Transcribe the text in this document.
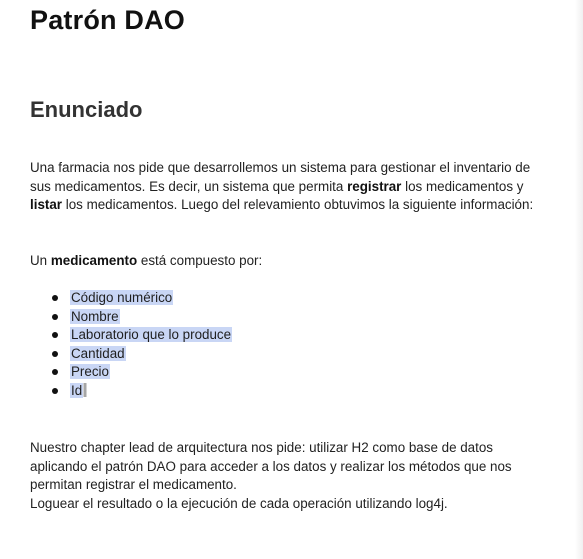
Patrón DAO
Enunciado

Una farmacia nos pide que desarrollemos un sistema para gestionar el inventario de sus medicamentos. Es decir, un sistema que permita registrar los medicamentos y listar los medicamentos. Luego del relevamiento obtuvimos la siguiente información:

Un medicamento está compuesto por:

Código numérico
Nombre
Laboratorio que lo produce
Cantidad
Precio
Id

Nuestro chapter lead de arquitectura nos pide: utilizar H2 como base de datos aplicando el patrón DAO para acceder a los datos y realizar los métodos que nos permitan registrar el medicamento.
Loguear el resultado o la ejecución de cada operación utilizando log4j.
